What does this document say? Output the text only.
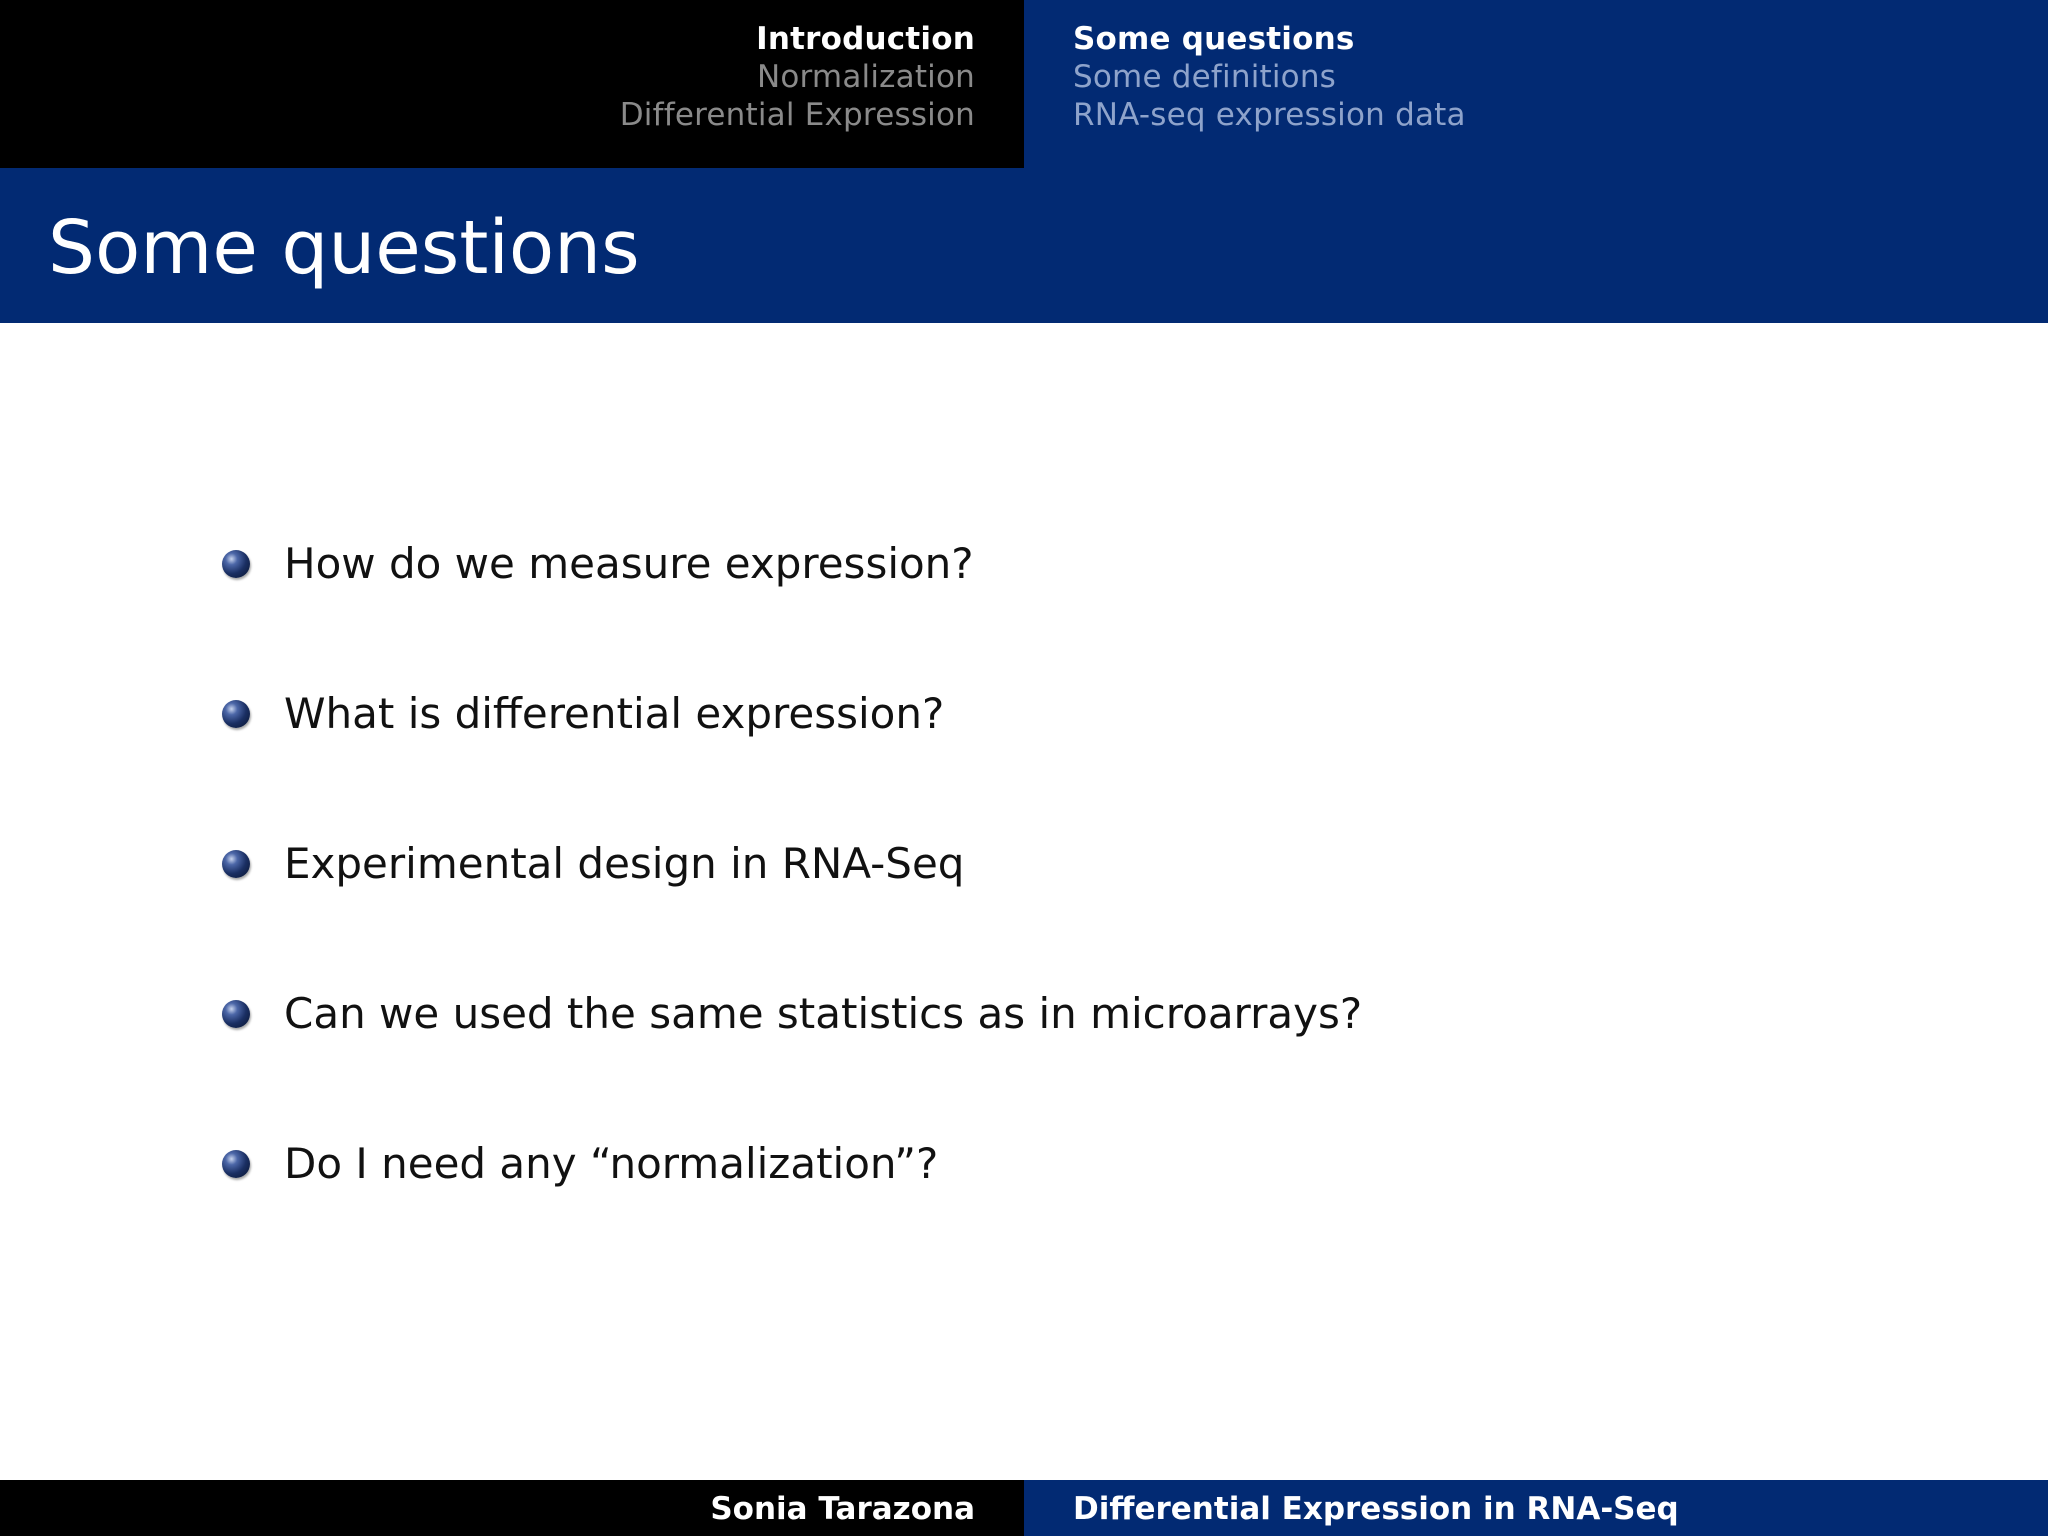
Introduction
Normalization
Differential Expression
Some questions
Some definitions
RNA-seq expression data
Some questions
How do we measure expression?
What is differential expression?
Experimental design in RNA-Seq
Can we used the same statistics as in microarrays?
Do I need any “normalization”?
Sonia Tarazona	Differential Expression in RNA-Seq
